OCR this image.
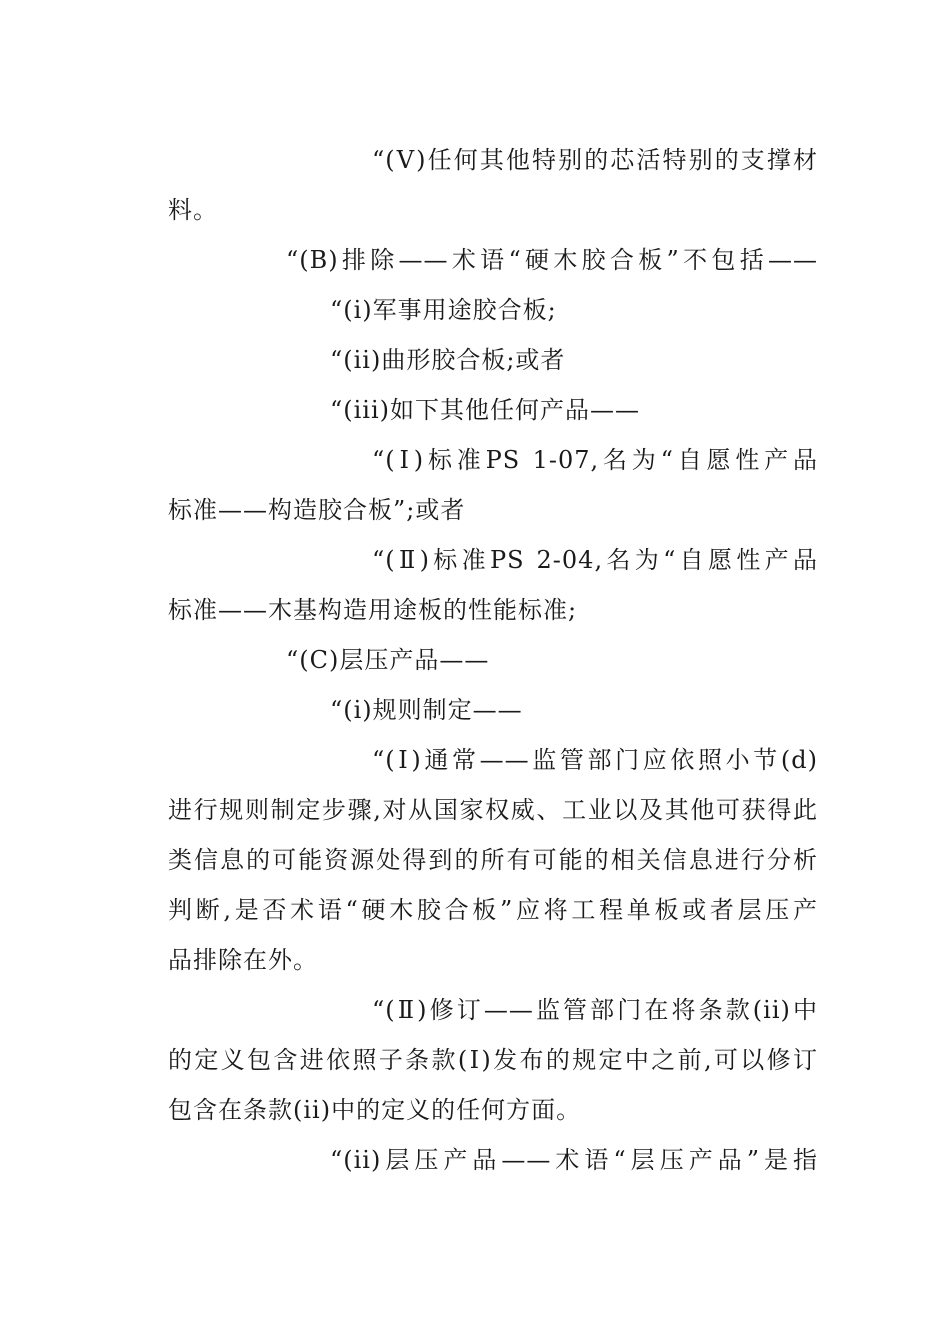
“(Ⅴ)任何其他特别的芯活特别的支撑材
料。
“(B)排除——术语“硬木胶合板”不包括——
“(i)军事用途胶合板;
“(ii)曲形胶合板;或者
“(iii)如下其他任何产品——
“(Ⅰ)标准PS 1-07,名为“自愿性产品
标准——构造胶合板”;或者
“(Ⅱ)标准PS 2-04,名为“自愿性产品
标准——木基构造用途板的性能标准;
“(C)层压产品——
“(i)规则制定——
“(Ⅰ)通常——监管部门应依照小节(d)
进行规则制定步骤,对从国家权威、工业以及其他可获得此
类信息的可能资源处得到的所有可能的相关信息进行分析
判断,是否术语“硬木胶合板”应将工程单板或者层压产
品排除在外。
“(Ⅱ)修订——监管部门在将条款(ii)中
的定义包含进依照子条款(Ⅰ)发布的规定中之前,可以修订
包含在条款(ii)中的定义的任何方面。
“(ii)层压产品——术语“层压产品”是指
